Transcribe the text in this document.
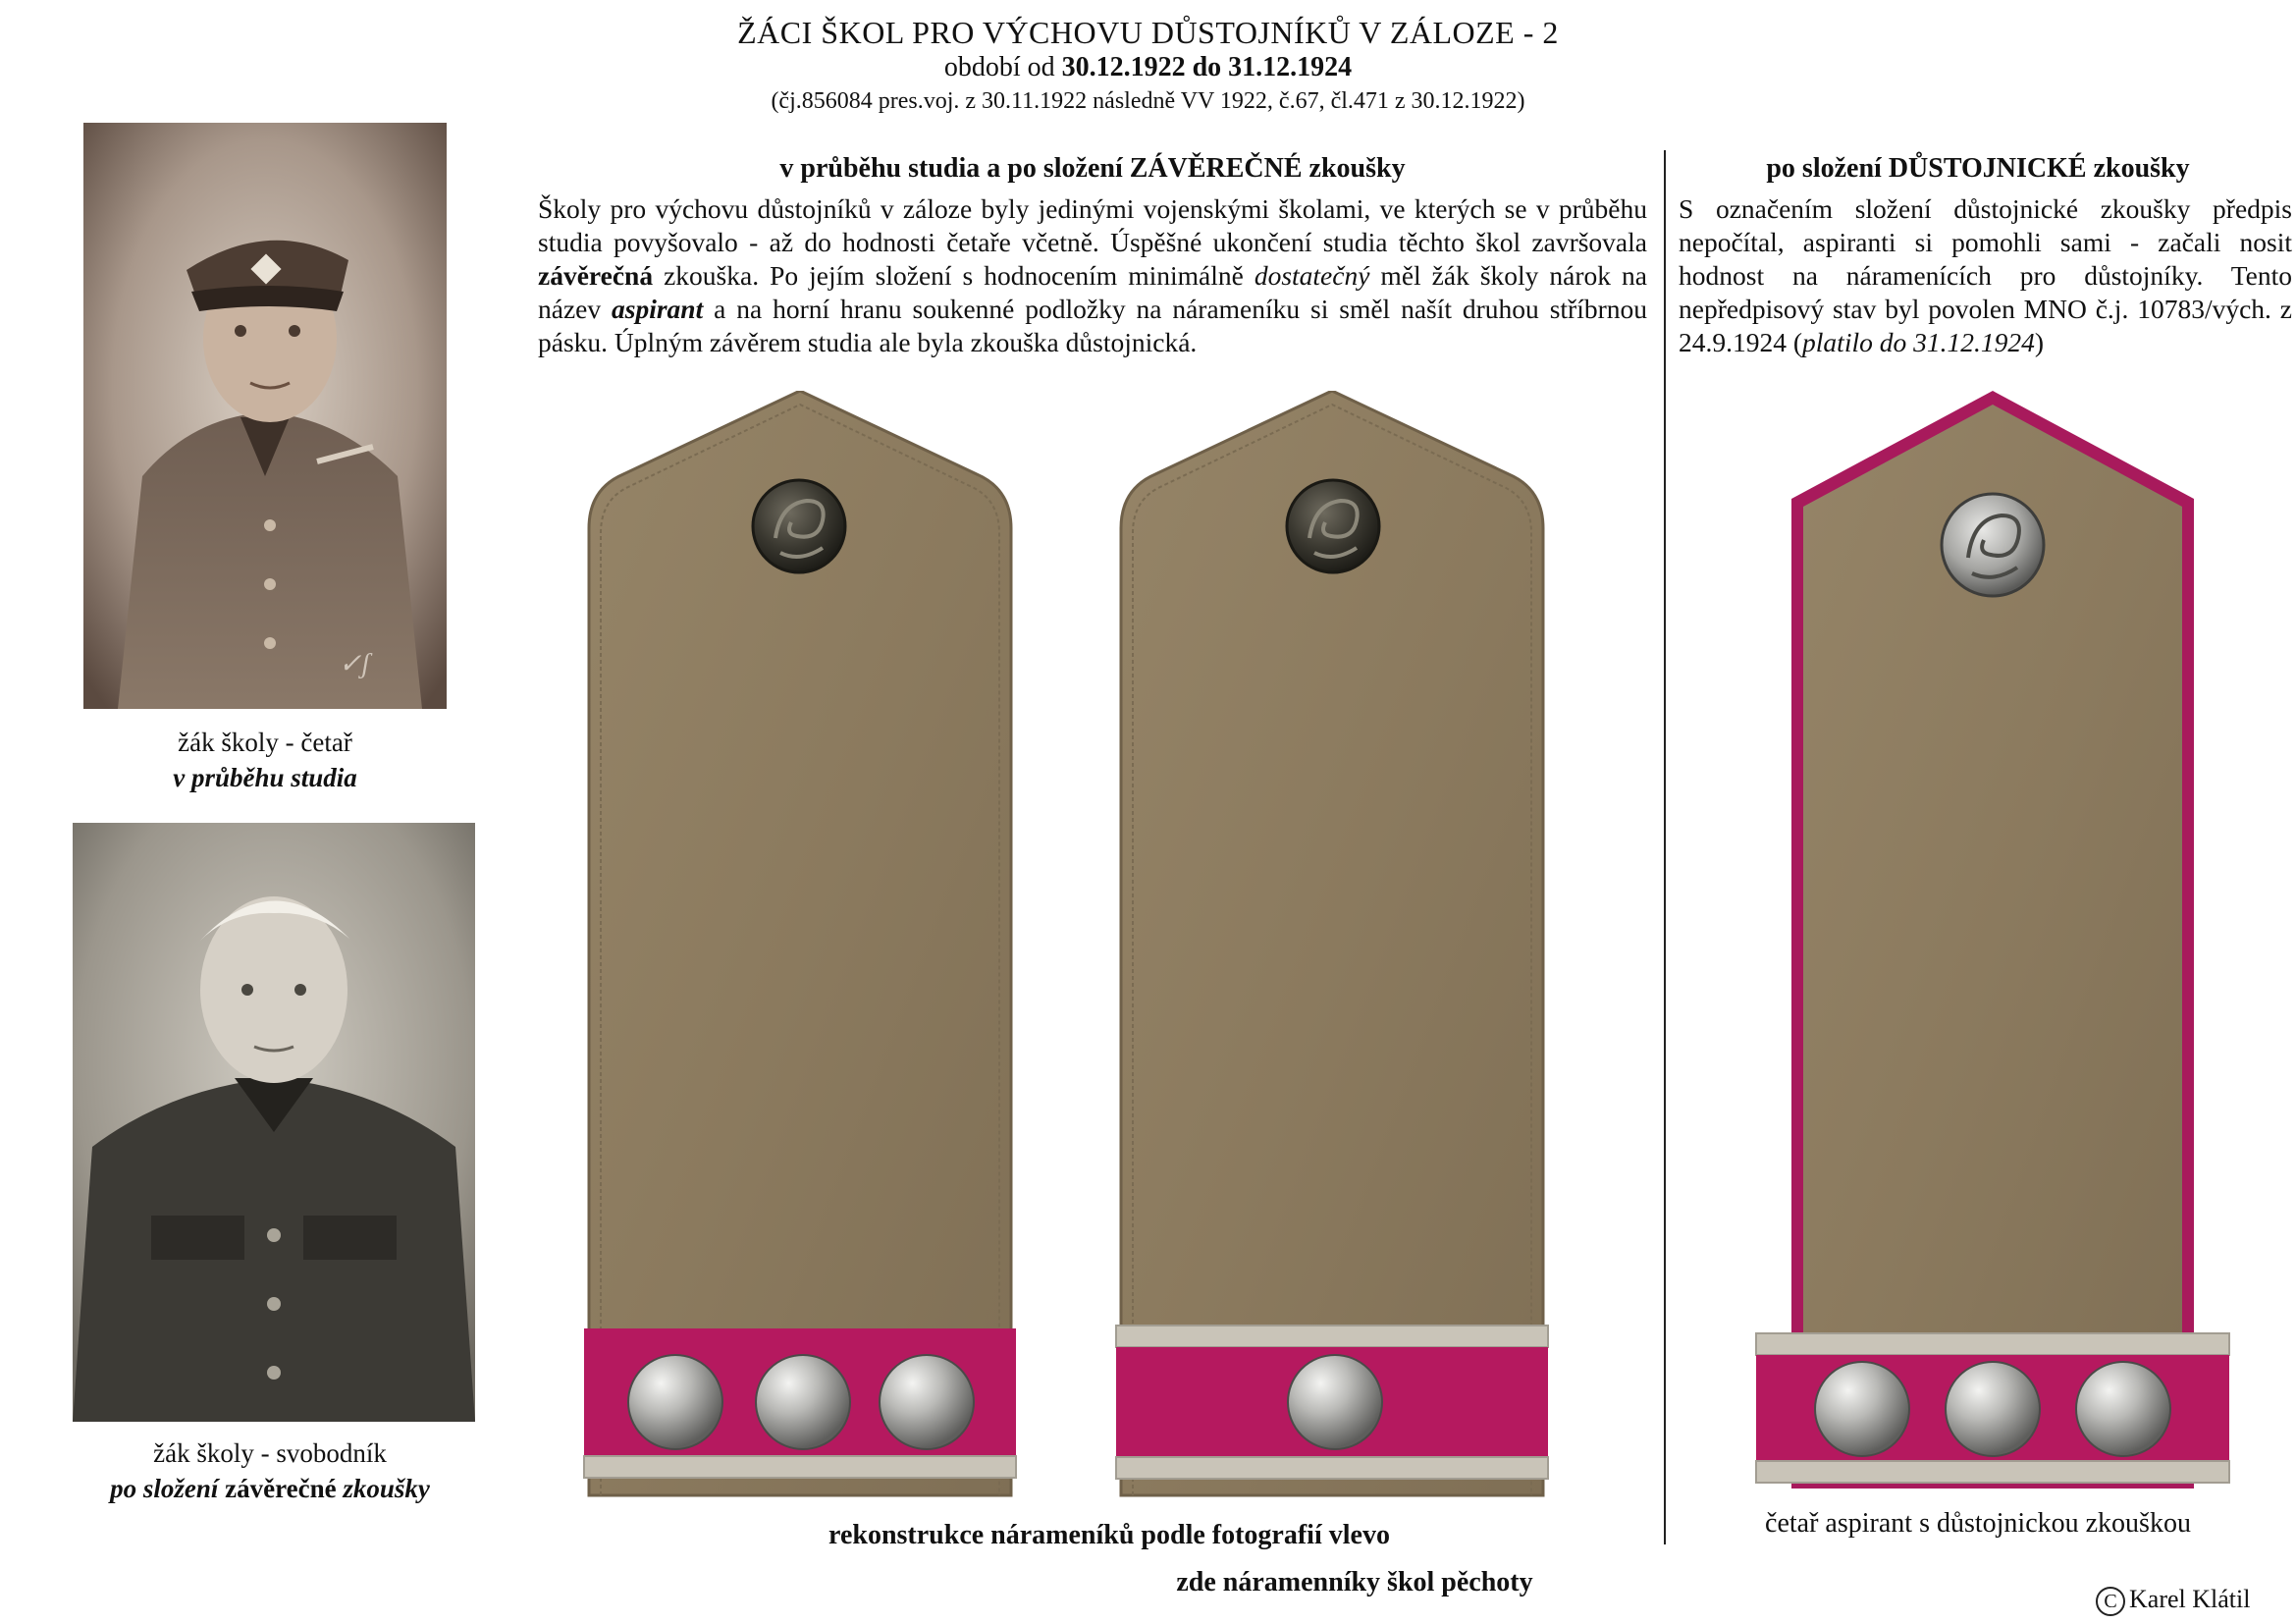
ŽÁCI ŠKOL PRO VÝCHOVU DŮSTOJNÍKŮ V ZÁLOZE - 2
období od 30.12.1922 do 31.12.1924
(čj.856084 pres.voj. z 30.11.1922 následně VV 1922, č.67, čl.471 z 30.12.1922)
✓ʃ
žák školy - četař
v průběhu studia
žák školy - svobodník
po složení závěrečné zkoušky
v průběhu studia a po složení ZÁVĚREČNÉ zkoušky
Školy pro výchovu důstojníků v záloze byly jedinými vojenskými školami, ve kterých se v průběhu studia povyšovalo - až do hodnosti četaře včetně. Úspěšné ukončení studia těchto škol završovala závěrečná zkouška. Po jejím složení s hodnocením minimálně dostatečný měl žák školy nárok na název aspirant a na horní hranu soukenné podložky na nárameníku si směl našít druhou stříbrnou pásku. Úplným závěrem studia ale byla zkouška důstojnická.
po složení DŮSTOJNICKÉ zkoušky
S označením složení důstojnické zkoušky předpis nepočítal, aspiranti si pomohli sami - začali nosit hodnost na náramenících pro důstojníky. Tento nepředpisový stav byl povolen MNO č.j. 10783/vých. z 24.9.1924 (platilo do 31.12.1924)
rekonstrukce nárameníků podle fotografií vlevo
zde náramenníky škol pěchoty
četař aspirant s důstojnickou zkouškou
C Karel Klátil
